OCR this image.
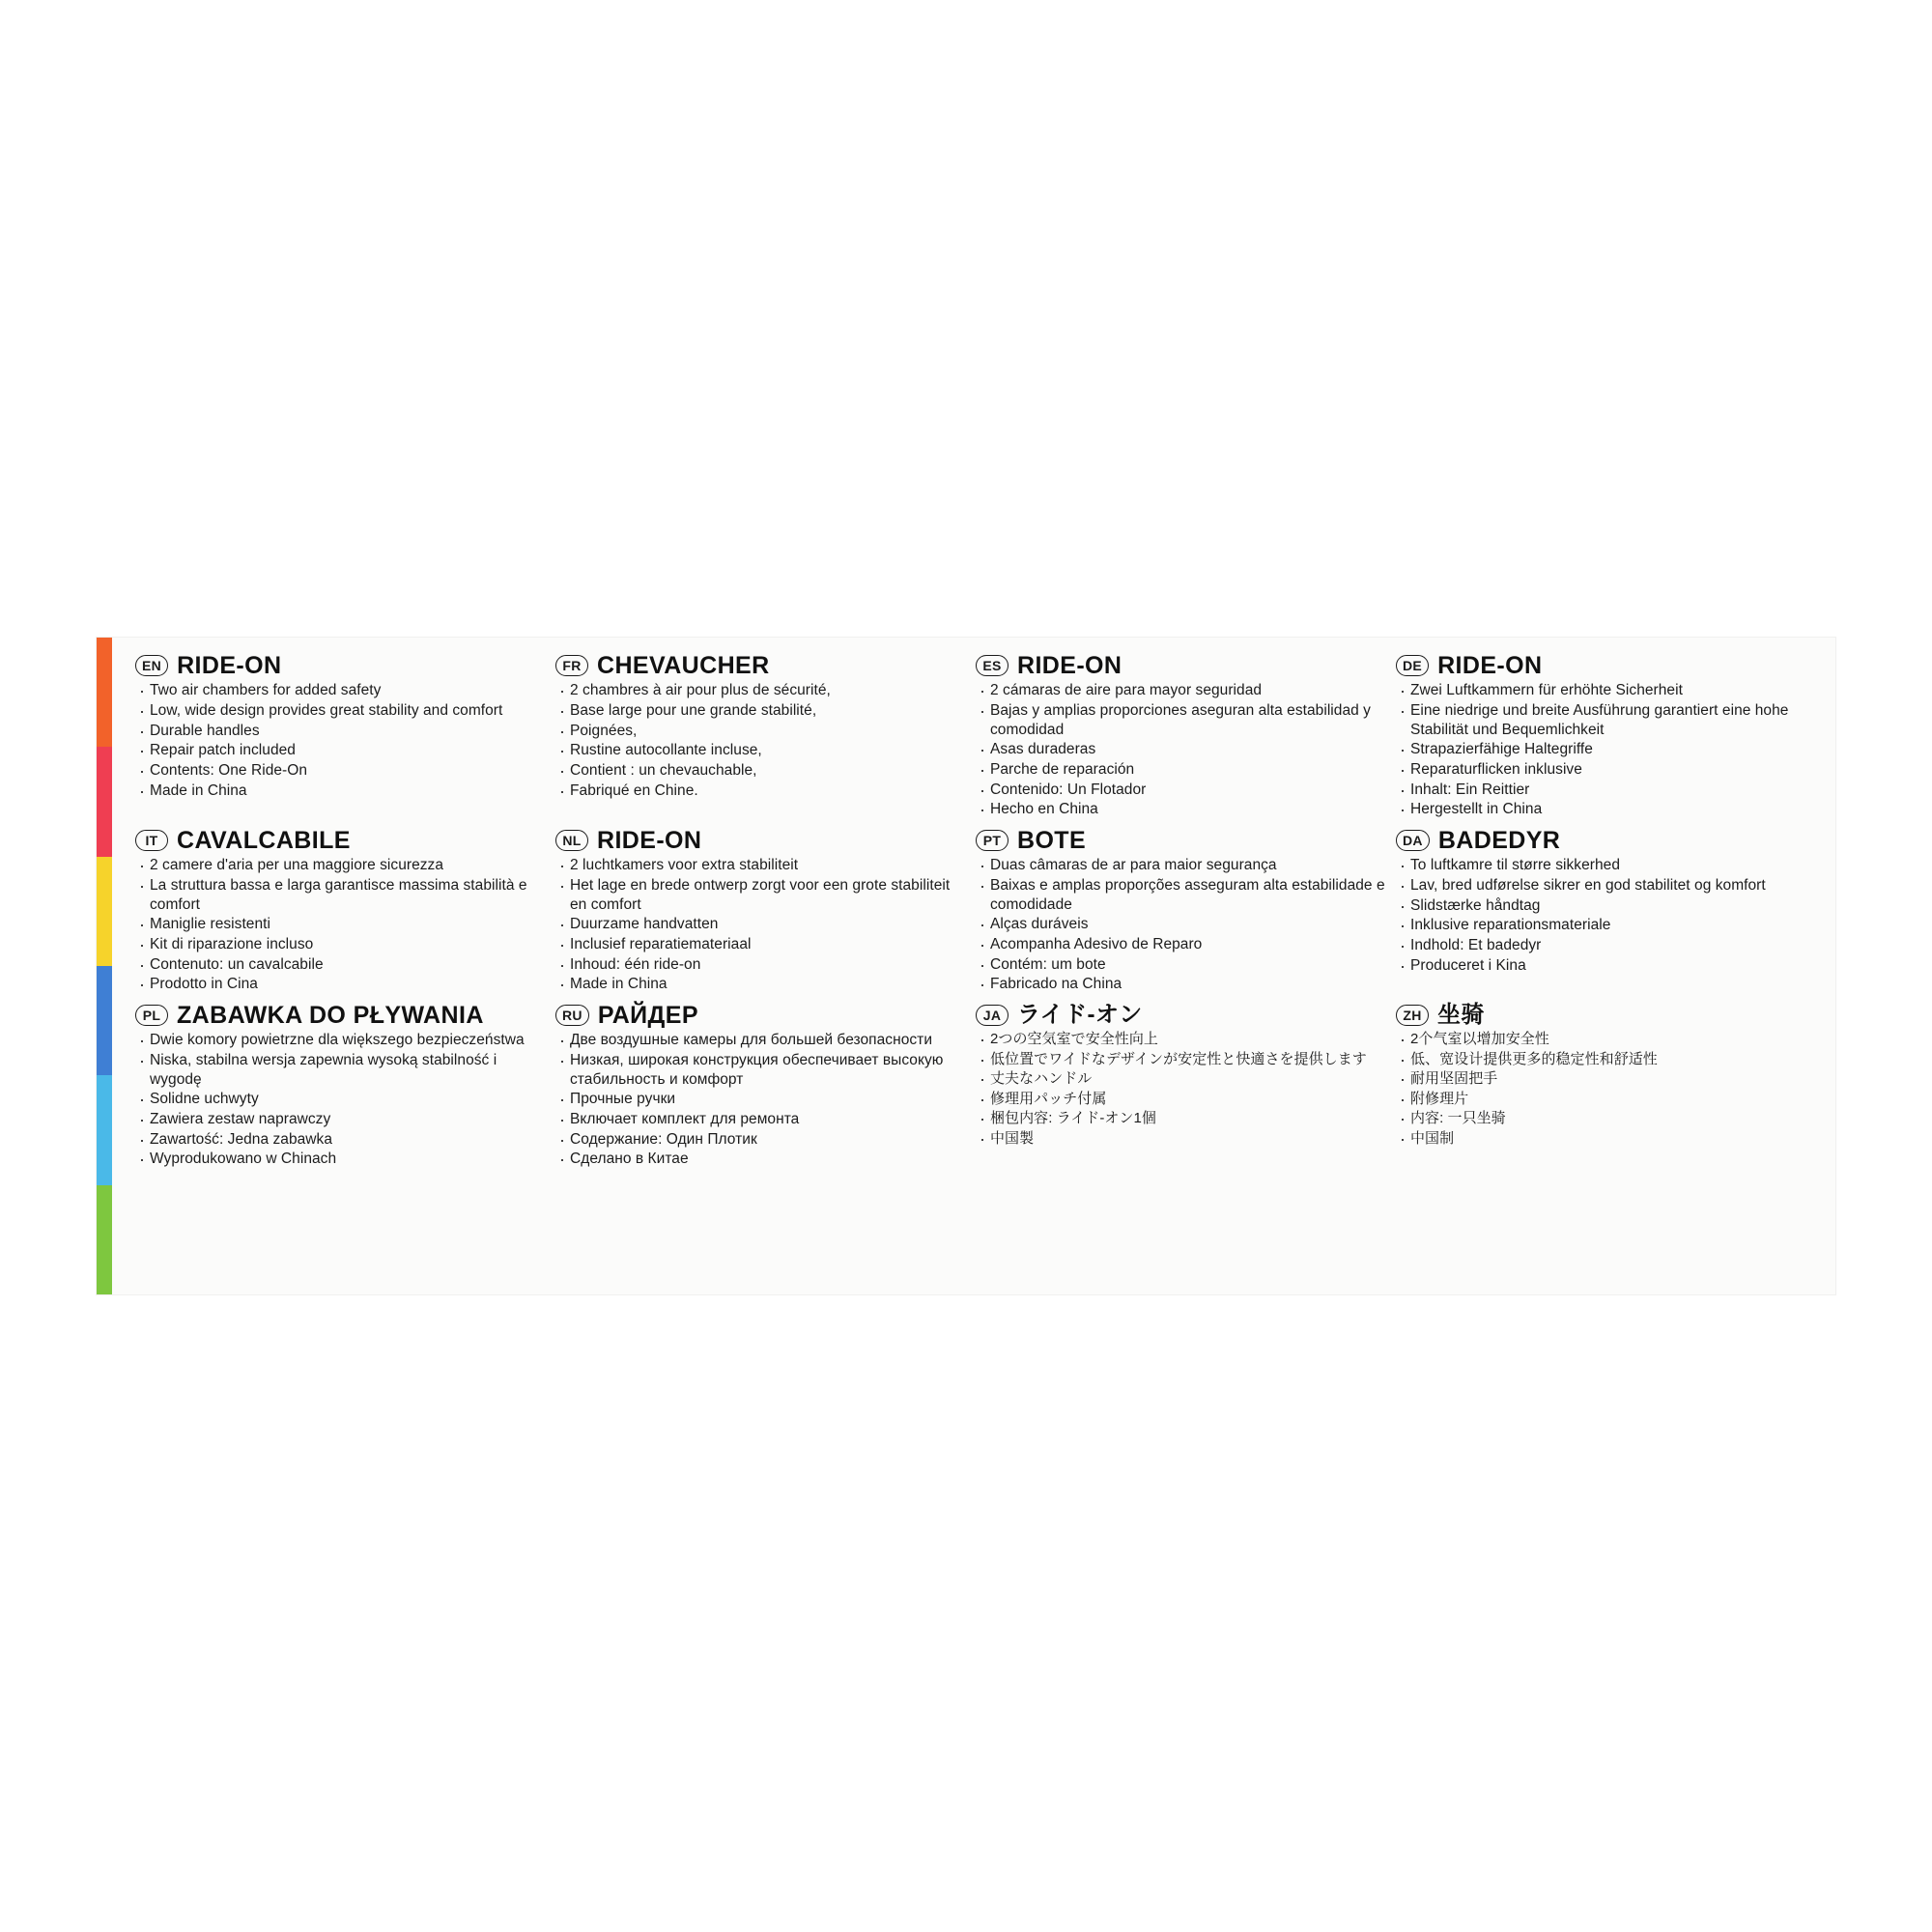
EN RIDE-ON
· Two air chambers for added safety
· Low, wide design provides great stability and comfort
· Durable handles
· Repair patch included
· Contents: One Ride-On
· Made in China
FR CHEVAUCHER
· 2 chambres à air pour plus de sécurité,
· Base large pour une grande stabilité,
· Poignées,
· Rustine autocollante incluse,
· Contient : un chevauchable,
· Fabriqué en Chine.
ES RIDE-ON
· 2 cámaras de aire para mayor seguridad
· Bajas y amplias proporciones aseguran alta estabilidad y comodidad
· Asas duraderas
· Parche de reparación
· Contenido: Un Flotador
· Hecho en China
DE RIDE-ON
· Zwei Luftkammern für erhöhte Sicherheit
· Eine niedrige und breite Ausführung garantiert eine hohe Stabilität und Bequemlichkeit
· Strapazierfähige Haltegriffe
· Reparaturflicken inklusive
· Inhalt: Ein Reittier
· Hergestellt in China
IT CAVALCABILE
· 2 camere d'aria per una maggiore sicurezza
· La struttura bassa e larga garantisce massima stabilità e comfort
· Maniglie resistenti
· Kit di riparazione incluso
· Contenuto: un cavalcabile
· Prodotto in Cina
NL RIDE-ON
· 2 luchtkamers voor extra stabiliteit
· Het lage en brede ontwerp zorgt voor een grote stabiliteit en comfort
· Duurzame handvatten
· Inclusief reparatiemateriaal
· Inhoud: één ride-on
· Made in China
PT BOTE
· Duas câmaras de ar para maior segurança
· Baixas e amplas proporções asseguram alta estabilidade e comodidade
· Alças duráveis
· Acompanha Adesivo de Reparo
· Contém: um bote
· Fabricado na China
DA BADEDYR
· To luftkamre til større sikkerhed
· Lav, bred udførelse sikrer en god stabilitet og komfort
· Slidstærke håndtag
· Inklusive reparationsmateriale
· Indhold: Et badedyr
· Produceret i Kina
PL ZABAWKA DO PŁYWANIA
· Dwie komory powietrzne dla większego bezpieczeństwa
· Niska, stabilna wersja zapewnia wysoką stabilność i wygodę
· Solidne uchwyty
· Zawiera zestaw naprawczy
· Zawartość: Jedna zabawka
· Wyprodukowano w Chinach
RU РАЙДЕР
· Две воздушные камеры для большей безопасности
· Низкая, широкая конструкция обеспечивает высокую стабильность и комфорт
· Прочные ручки
· Включает комплект для ремонта
· Содержание: Один Плотик
· Сделано в Китае
JA ライド-オン
· 2つの空気室で安全性向上
· 低位置でワイドなデザインが安定性と快適さを提供します
· 丈夫なハンドル
· 修理用パッチ付属
· 梱包内容: ライド-オン1個
· 中国製
ZH 坐骑
· 2个气室以增加安全性
· 低、宽设计提供更多的稳定性和舒适性
· 耐用坚固把手
· 附修理片
· 内容: 一只坐骑
· 中国制
